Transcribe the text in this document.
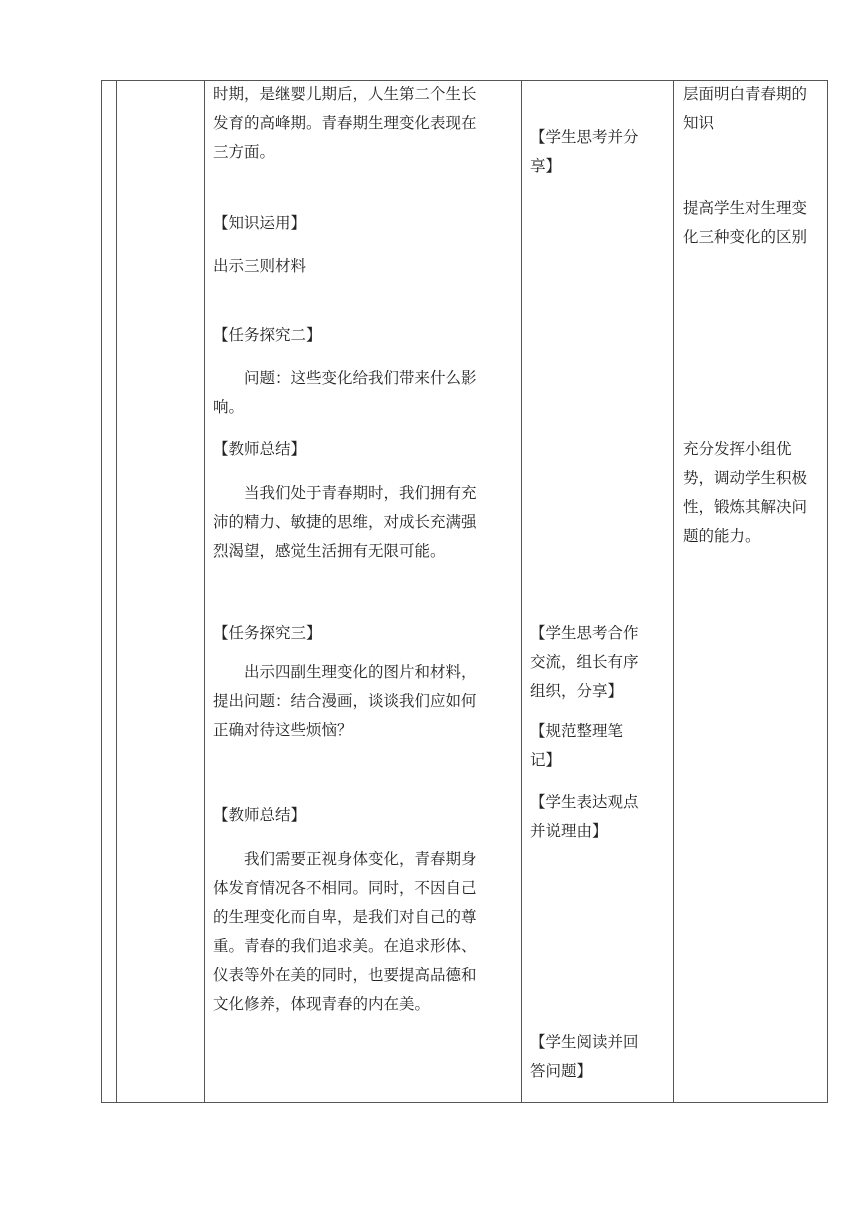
时期，是继婴儿期后，人生第二个生长

发育的高峰期。青春期生理变化表现在

三方面。

【知识运用】
出示三则材料
【任务探究二】

问题：这些变化给我们带来什么影

响。

【教师总结】

当我们处于青春期时，我们拥有充

沛的精力、敏捷的思维，对成长充满强

烈渴望，感觉生活拥有无限可能。

【任务探究三】

出示四副生理变化的图片和材料，

提出问题：结合漫画，谈谈我们应如何

正确对待这些烦恼？

【教师总结】

我们需要正视身体变化，青春期身

体发育情况各不相同。同时，不因自己

的生理变化而自卑，是我们对自己的尊

重。青春的我们追求美。在追求形体、

仪表等外在美的同时，也要提高品德和

文化修养，体现青春的内在美。

【学生思考并分

享】

【学生思考合作

交流，组长有序

组织，分享】

【规范整理笔

记】

【学生表达观点

并说理由】

【学生阅读并回

答问题】

层面明白青春期的

知识

提高学生对生理变

化三种变化的区别

充分发挥小组优

势，调动学生积极

性，锻炼其解决问

题的能力。
